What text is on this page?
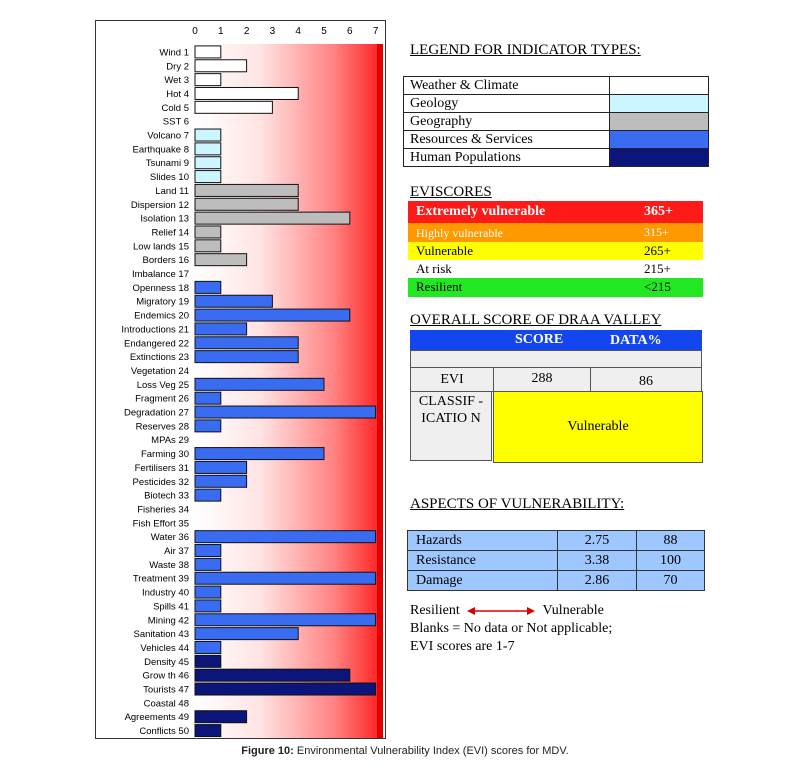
0 1 2 3 4 5 6 7
Wind 1
Dry 2
Wet 3
Hot 4
Cold 5
SST 6
Volcano 7
Earthquake 8
Tsunami 9
Slides 10
Land 11
Dispersion 12
Isolation 13
Relief 14
Low lands 15
Borders 16
Imbalance 17
Openness 18
Migratory 19
Endemics 20
Introductions 21
Endangered 22
Extinctions 23
Vegetation 24
Loss Veg 25
Fragment 26
Degradation 27
Reserves 28
MPAs 29
Farming 30
Fertilisers 31
Pesticides 32
Biotech 33
Fisheries 34
Fish Effort 35
Water 36
Air 37
Waste 38
Treatment 39
Industry 40
Spills 41
Mining 42
Sanitation 43
Vehicles 44
Density 45
Grow th 46
Tourists 47
Coastal 48
Agreements 49
Conflicts 50
LEGEND FOR INDICATOR TYPES:
Weather & Climate	
Geology	
Geography	
Resources & Services	
Human Populations	
EVISCORES
Extremely vulnerable	365+
Highly vulnerable	315+
Vulnerable	265+
At risk	215+
Resilient	<215
OVERALL SCORE OF DRAA VALLEY
SCORE	DATA%
EVI	288	86
CLASSIF - ICATIO N
Vulnerable
ASPECTS OF VULNERABILITY:
Hazards	2.75	88
Resistance	3.38	100
Damage	2.86	70
Resilient	Vulnerable
Blanks = No data or Not applicable;
EVI scores are 1-7
Figure 10: Environmental Vulnerability Index (EVI) scores for MDV.
